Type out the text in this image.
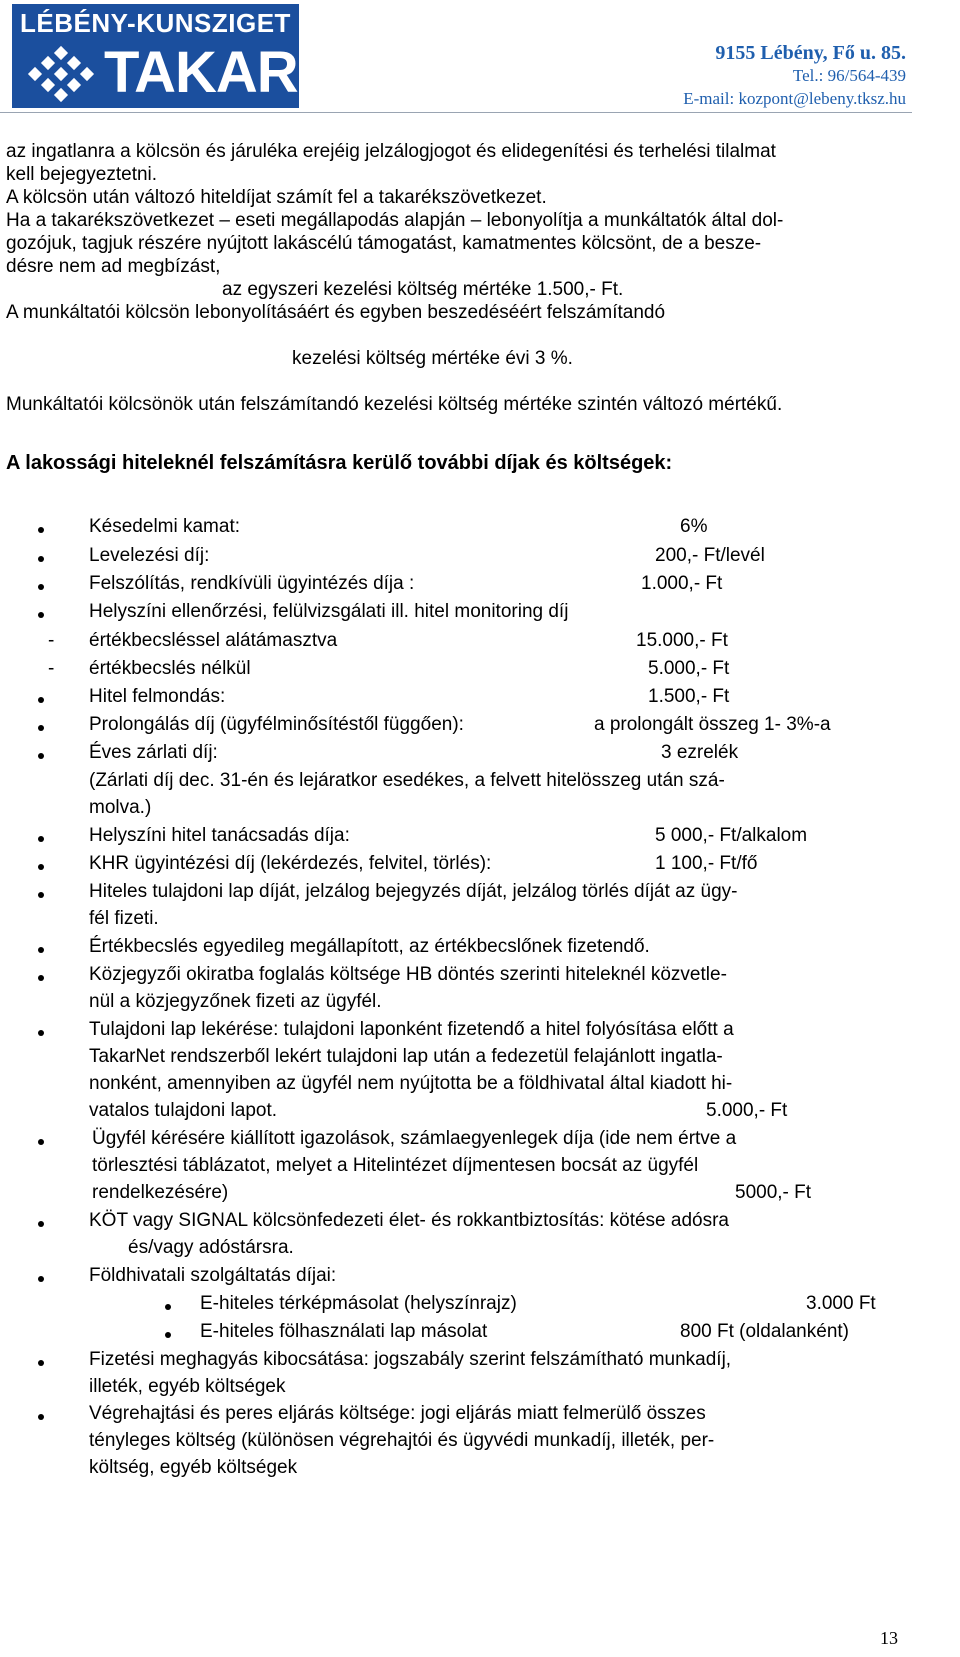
LÉBÉNY-KUNSZIGET
TAKARÉK	9155 Lébény, Fő u. 85.
Tel.: 96/564-439
E-mail: kozpont@lebeny.tksz.hu
az ingatlanra a kölcsön és járuléka erejéig jelzálogjogot és elidegenítési és terhelési tilalmat
kell bejegyeztetni.
A kölcsön után változó hiteldíjat számít fel a takarékszövetkezet.
Ha a takarékszövetkezet – eseti megállapodás alapján – lebonyolítja a munkáltatók által dol-
gozójuk, tagjuk részére nyújtott lakáscélú támogatást, kamatmentes kölcsönt, de a besze-
désre nem ad megbízást,
az egyszeri kezelési költség mértéke 1.500,- Ft.
A munkáltatói kölcsön lebonyolításáért és egyben beszedéséért felszámítandó
kezelési költség mértéke évi 3 %.
Munkáltatói kölcsönök után felszámítandó kezelési költség mértéke szintén változó mértékű.
A lakossági hiteleknél felszámításra kerülő további díjak és költségek:
Késedelmi kamat:	6%
Levelezési díj:	200,- Ft/levél
Felszólítás, rendkívüli ügyintézés díja :	1.000,- Ft
Helyszíni ellenőrzési, felülvizsgálati ill. hitel monitoring díj
- értékbecsléssel alátámasztva	15.000,- Ft
- értékbecslés nélkül	5.000,- Ft
Hitel felmondás:	1.500,- Ft
Prolongálás díj (ügyfélminősítéstől függően):	a prolongált összeg 1- 3%-a
Éves zárlati díj:	3 ezrelék
(Zárlati díj dec. 31-én és lejáratkor esedékes, a felvett hitelösszeg után szá-
molva.)
Helyszíni hitel tanácsadás díja:	5 000,- Ft/alkalom
KHR ügyintézési díj (lekérdezés, felvitel, törlés):	1 100,- Ft/fő
Hiteles tulajdoni lap díját, jelzálog bejegyzés díját, jelzálog törlés díját az ügy-
fél fizeti.
Értékbecslés egyedileg megállapított, az értékbecslőnek fizetendő.
Közjegyzői okiratba foglalás költsége HB döntés szerinti hiteleknél közvetle-
nül a közjegyzőnek fizeti az ügyfél.
Tulajdoni lap lekérése: tulajdoni laponként fizetendő a hitel folyósítása előtt a
TakarNet rendszerből lekért tulajdoni lap után a fedezetül felajánlott ingatla-
nonként, amennyiben az ügyfél nem nyújtotta be a földhivatal által kiadott hi-
vatalos tulajdoni lapot.	5.000,- Ft
Ügyfél kérésére kiállított igazolások, számlaegyenlegek díja (ide nem értve a
törlesztési táblázatot, melyet a Hitelintézet díjmentesen bocsát az ügyfél
rendelkezésére)	5000,- Ft
KÖT vagy SIGNAL kölcsönfedezeti élet- és rokkantbiztosítás: kötése adósra
és/vagy adóstársra.
Földhivatali szolgáltatás díjai:
E-hiteles térképmásolat (helyszínrajz)	3.000 Ft
E-hiteles fölhasználati lap másolat	800 Ft (oldalanként)
Fizetési meghagyás kibocsátása: jogszabály szerint felszámítható munkadíj,
illeték, egyéb költségek
Végrehajtási és peres eljárás költsége: jogi eljárás miatt felmerülő összes
tényleges költség (különösen végrehajtói és ügyvédi munkadíj, illeték, per-
költség, egyéb költségek
13
